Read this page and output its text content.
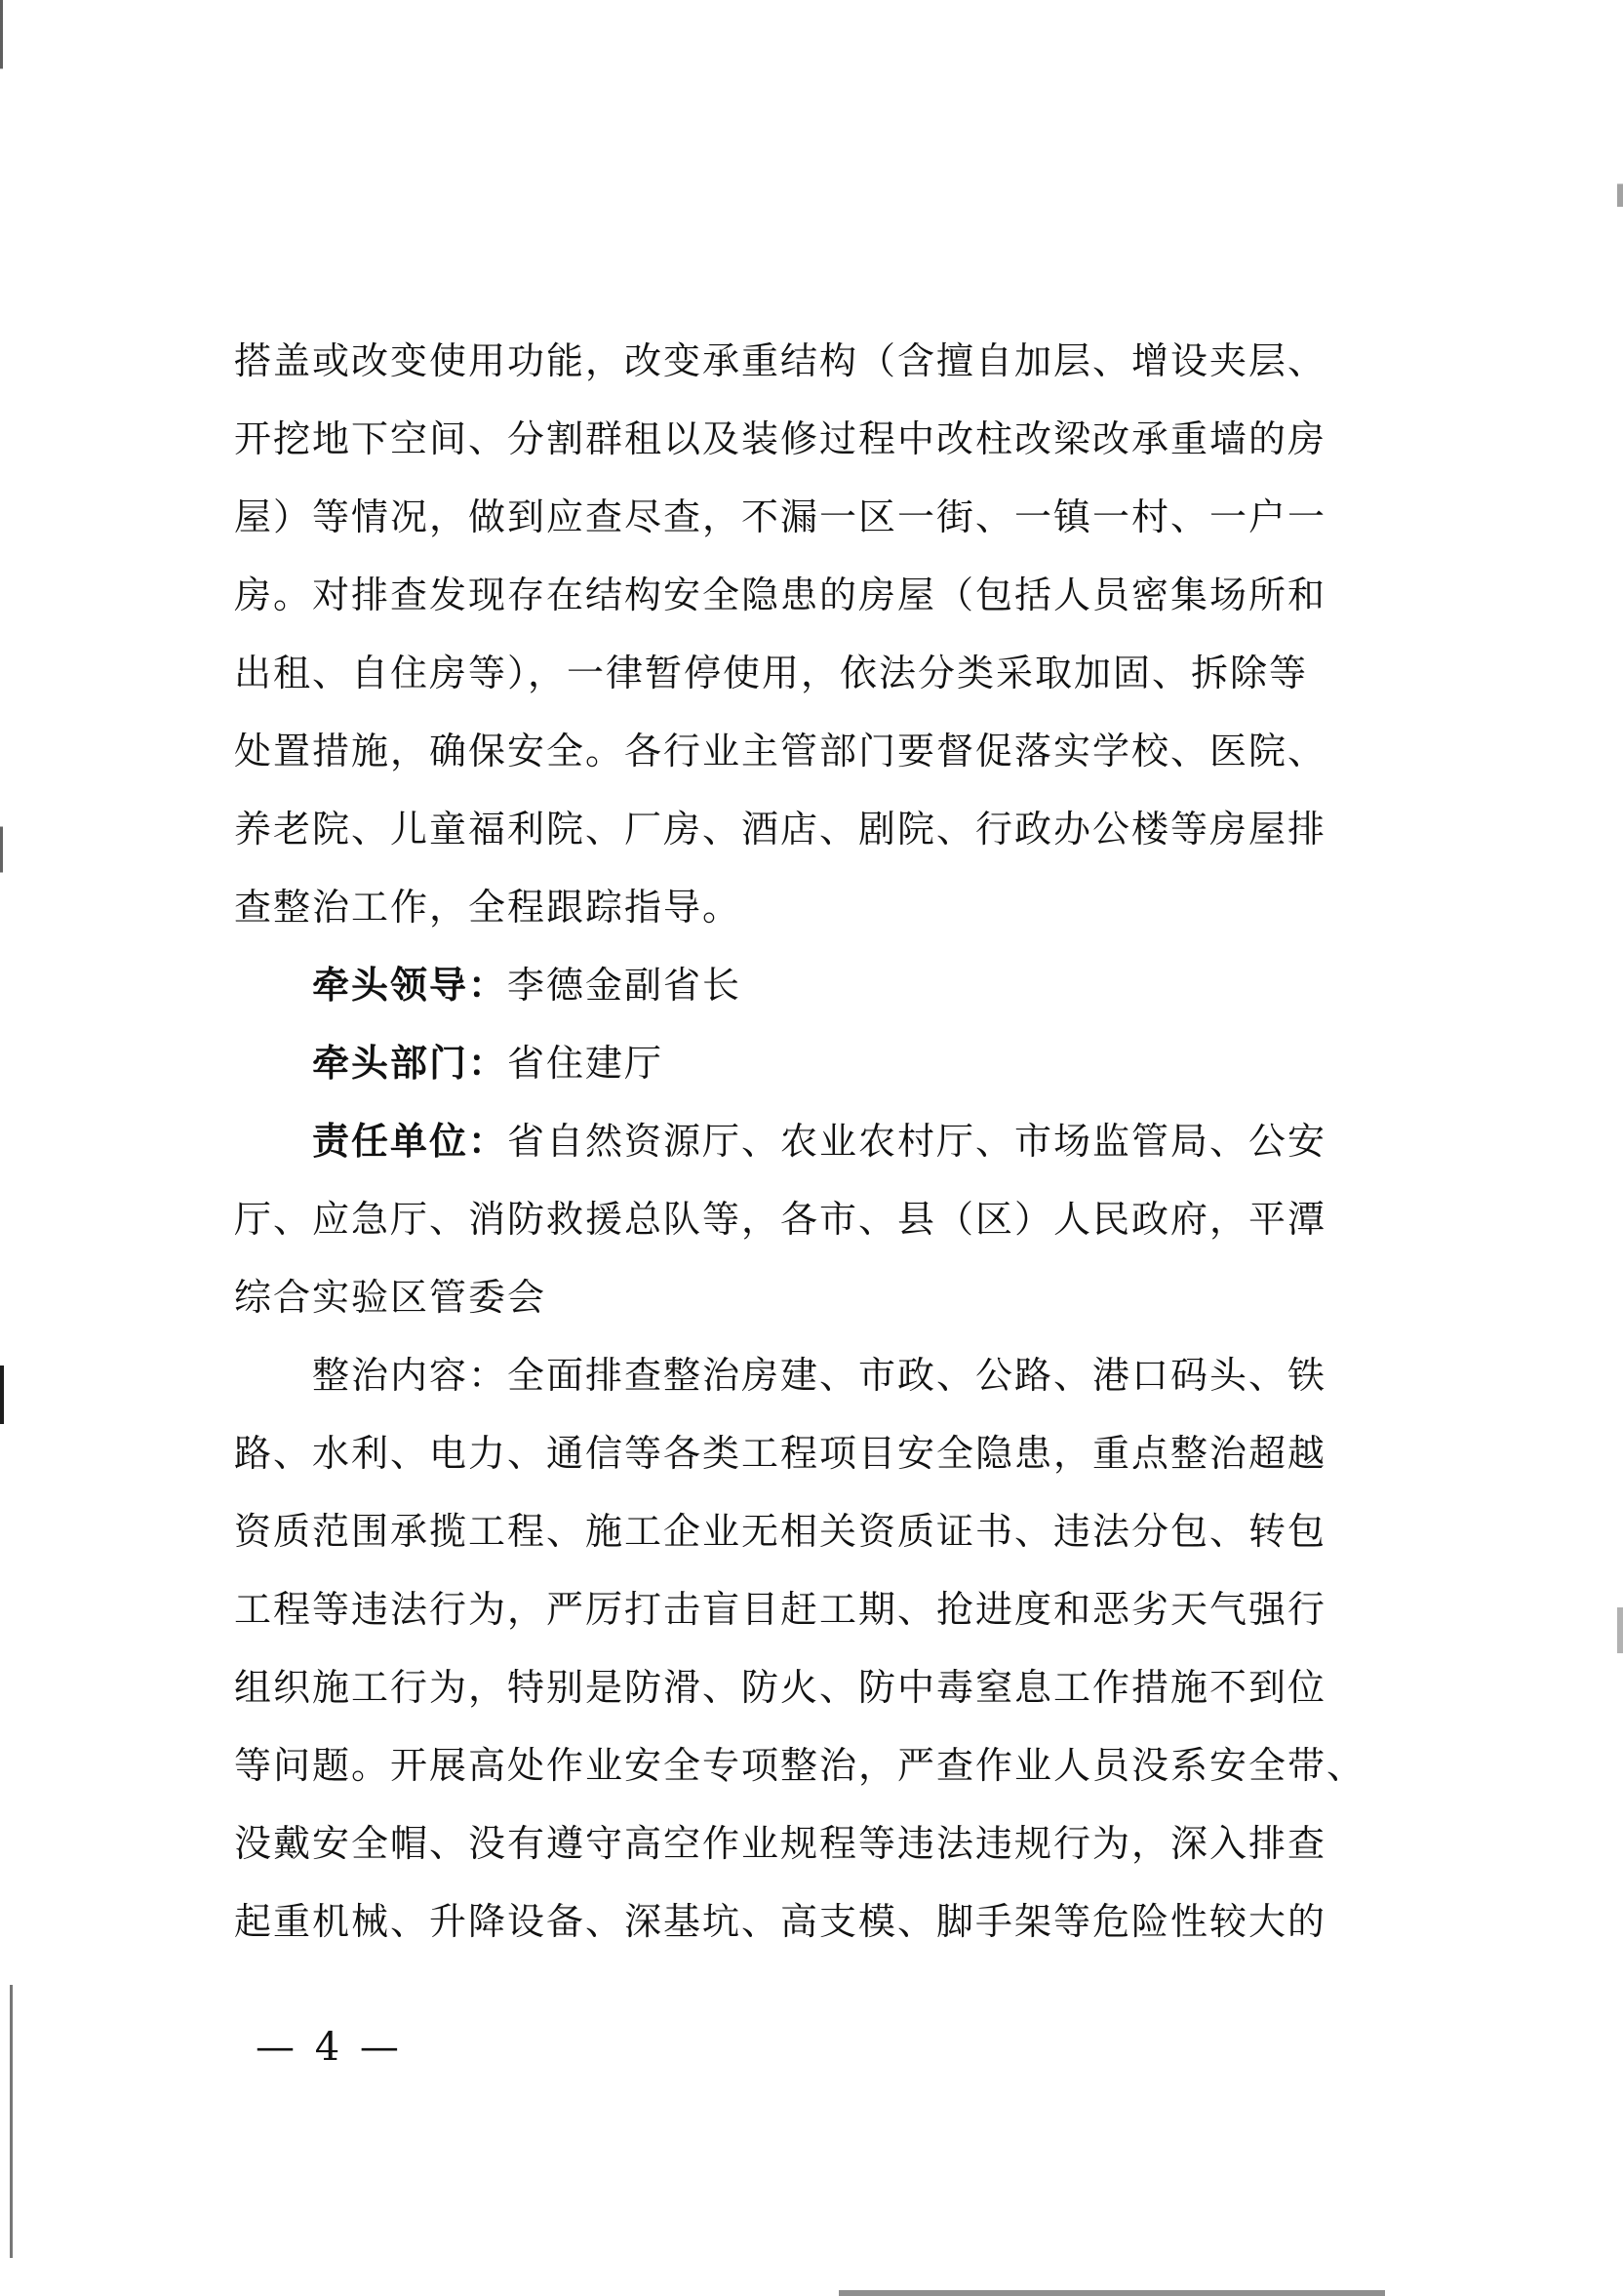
搭盖或改变使用功能，改变承重结构（含擅自加层、增设夹层、
开挖地下空间、分割群租以及装修过程中改柱改梁改承重墙的房
屋）等情况，做到应查尽查，不漏一区一街、一镇一村、一户一
房。对排查发现存在结构安全隐患的房屋（包括人员密集场所和
出租、自住房等），一律暂停使用，依法分类采取加固、拆除等
处置措施，确保安全。各行业主管部门要督促落实学校、医院、
养老院、儿童福利院、厂房、酒店、剧院、行政办公楼等房屋排
查整治工作，全程跟踪指导。
牵头领导：李德金副省长
牵头部门：省住建厅
责任单位：省自然资源厅、农业农村厅、市场监管局、公安
厅、应急厅、消防救援总队等，各市、县（区）人民政府，平潭
综合实验区管委会
整治内容：全面排查整治房建、市政、公路、港口码头、铁
路、水利、电力、通信等各类工程项目安全隐患，重点整治超越
资质范围承揽工程、施工企业无相关资质证书、违法分包、转包
工程等违法行为，严厉打击盲目赶工期、抢进度和恶劣天气强行
组织施工行为，特别是防滑、防火、防中毒窒息工作措施不到位
等问题。开展高处作业安全专项整治，严查作业人员没系安全带、
没戴安全帽、没有遵守高空作业规程等违法违规行为，深入排查
起重机械、升降设备、深基坑、高支模、脚手架等危险性较大的
— 4 —
